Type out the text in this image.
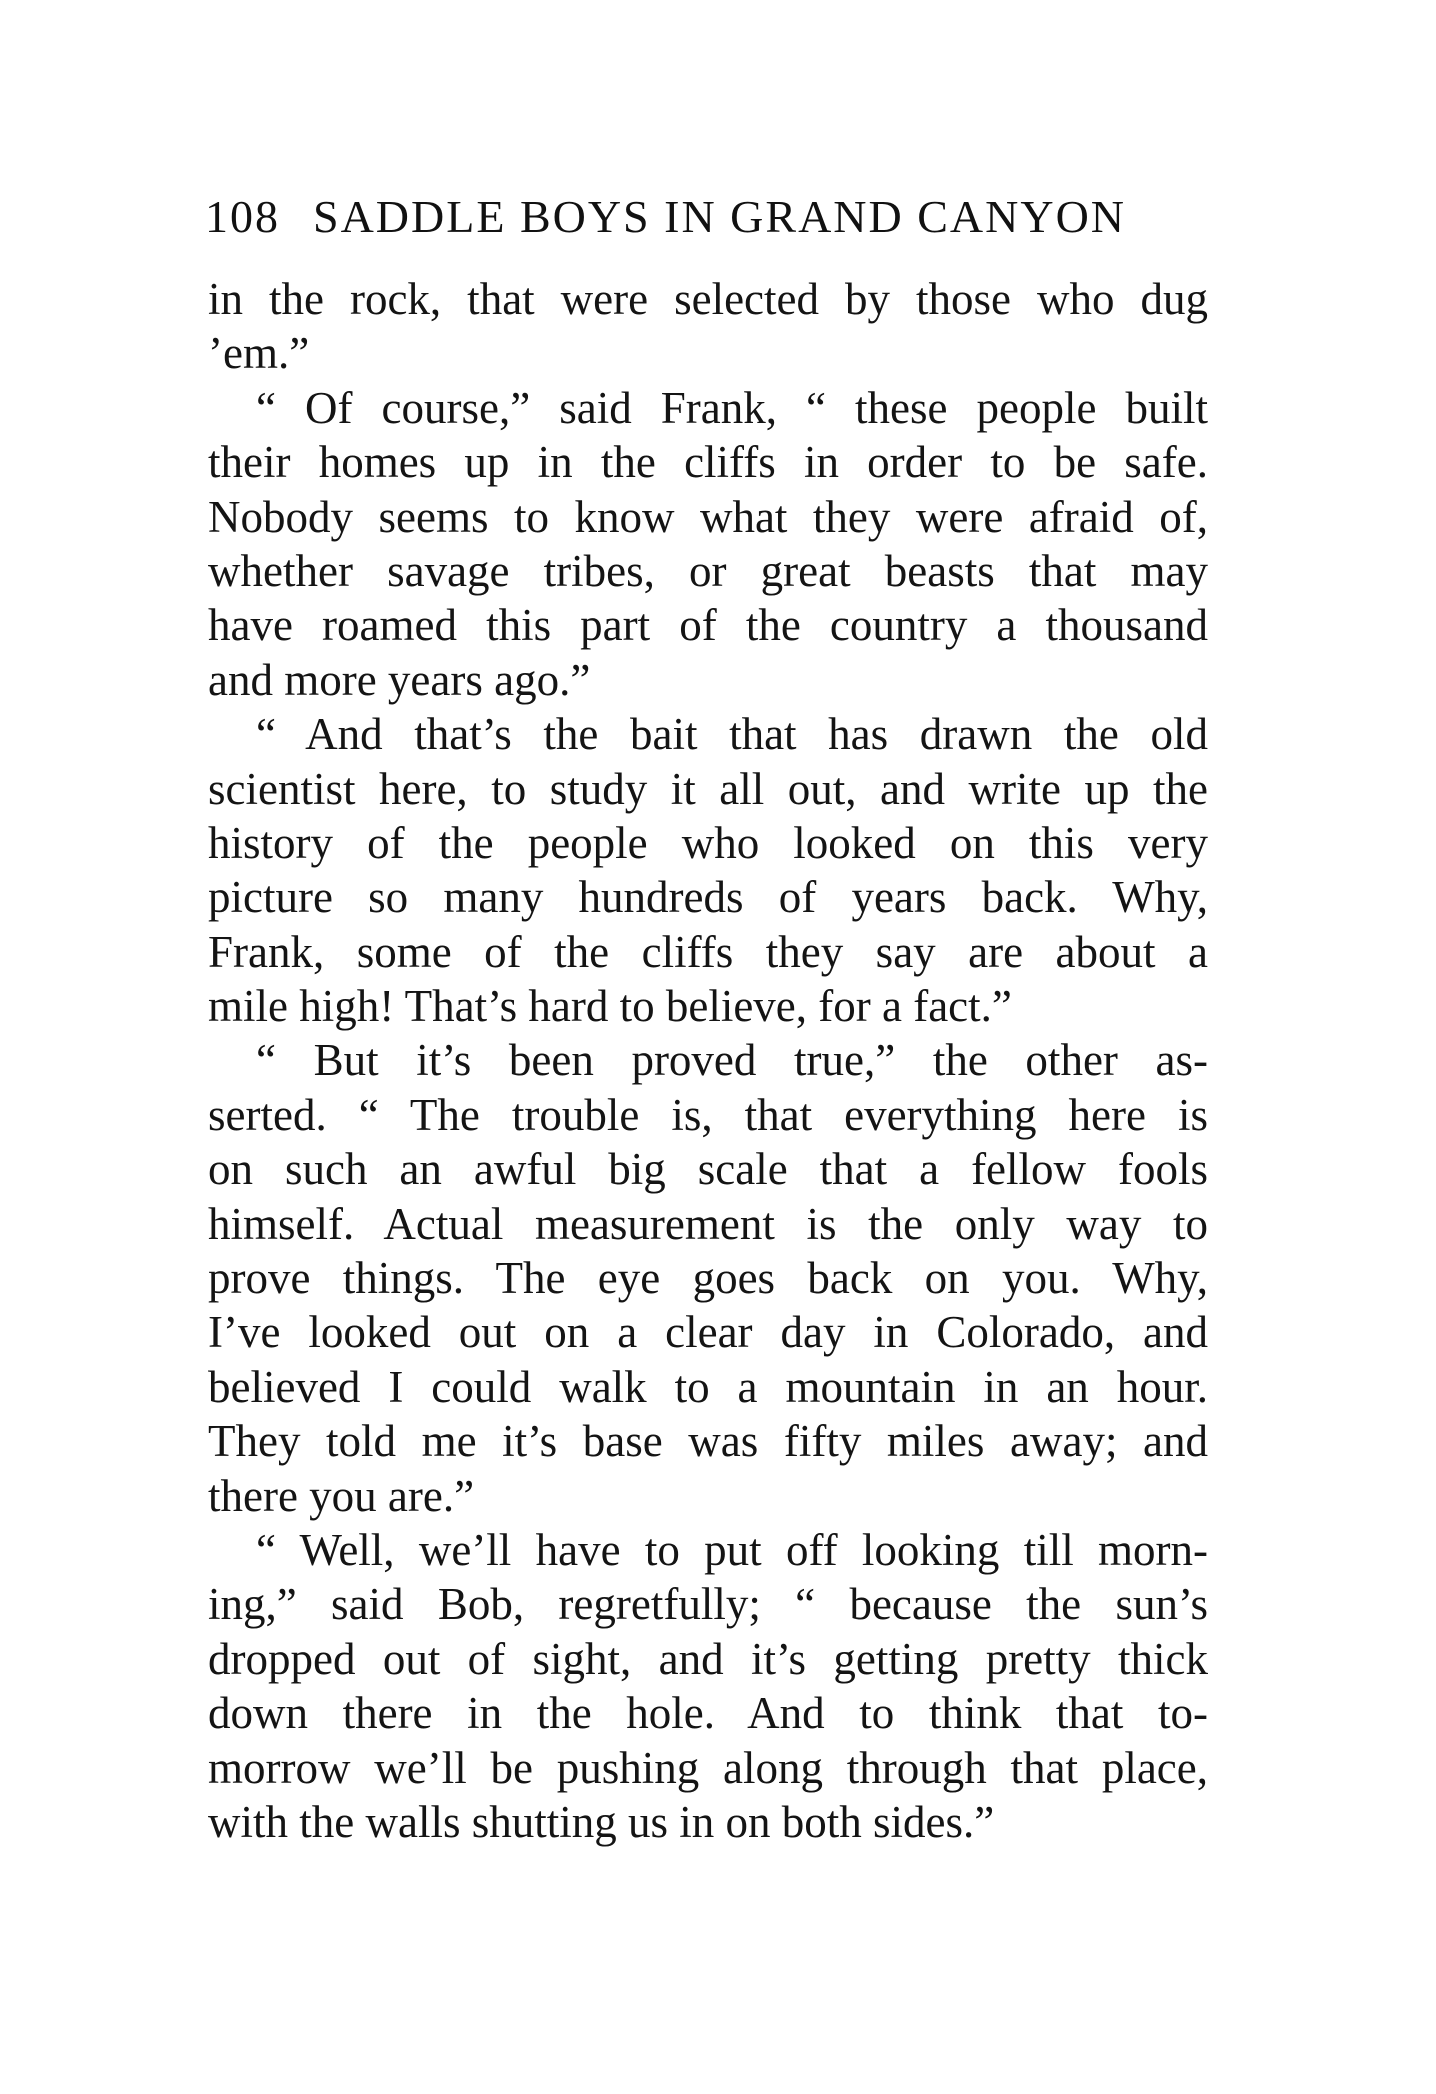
108 SADDLE BOYS IN GRAND CANYON
in the rock, that were selected by those who dug
’em.”
“ Of course,” said Frank, “ these people built
their homes up in the cliffs in order to be safe.
Nobody seems to know what they were afraid of,
whether savage tribes, or great beasts that may
have roamed this part of the country a thousand
and more years ago.”
“ And that’s the bait that has drawn the old
scientist here, to study it all out, and write up the
history of the people who looked on this very
picture so many hundreds of years back. Why,
Frank, some of the cliffs they say are about a
mile high! That’s hard to believe, for a fact.”
“ But it’s been proved true,” the other as-
serted. “ The trouble is, that everything here is
on such an awful big scale that a fellow fools
himself. Actual measurement is the only way to
prove things. The eye goes back on you. Why,
I’ve looked out on a clear day in Colorado, and
believed I could walk to a mountain in an hour.
They told me it’s base was fifty miles away; and
there you are.”
“ Well, we’ll have to put off looking till morn-
ing,” said Bob, regretfully; “ because the sun’s
dropped out of sight, and it’s getting pretty thick
down there in the hole. And to think that to-
morrow we’ll be pushing along through that place,
with the walls shutting us in on both sides.”
